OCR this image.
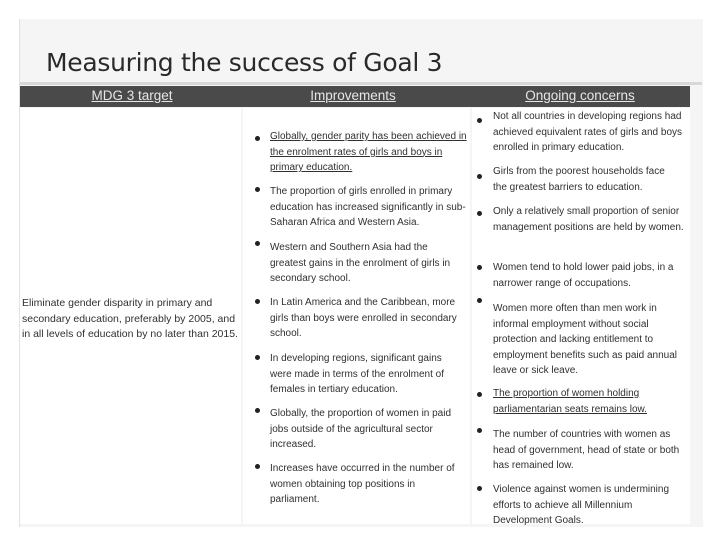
Measuring the success of Goal 3
MDG 3 target	Improvements	Ongoing concerns
Eliminate gender disparity in primary and secondary education, preferably by 2005, and in all levels of education by no later than 2015.
Globally, gender parity has been achieved in the enrolment rates of girls and boys in primary education.
The proportion of girls enrolled in primary education has increased significantly in sub-Saharan Africa and Western Asia.
Western and Southern Asia had the greatest gains in the enrolment of girls in secondary school.
In Latin America and the Caribbean, more girls than boys were enrolled in secondary school.
In developing regions, significant gains were made in terms of the enrolment of females in tertiary education.
Globally, the proportion of women in paid jobs outside of the agricultural sector increased.
Increases have occurred in the number of women obtaining top positions in parliament.
Not all countries in developing regions had achieved equivalent rates of girls and boys enrolled in primary education.
Girls from the poorest households face the greatest barriers to education.
Only a relatively small proportion of senior management positions are held by women.
Women tend to hold lower paid jobs, in a narrower range of occupations.
Women more often than men work in informal employment without social protection and lacking entitlement to employment benefits such as paid annual leave or sick leave.
The proportion of women holding parliamentarian seats remains low.
The number of countries with women as head of government, head of state or both has remained low.
Violence against women is undermining efforts to achieve all Millennium Development Goals.
